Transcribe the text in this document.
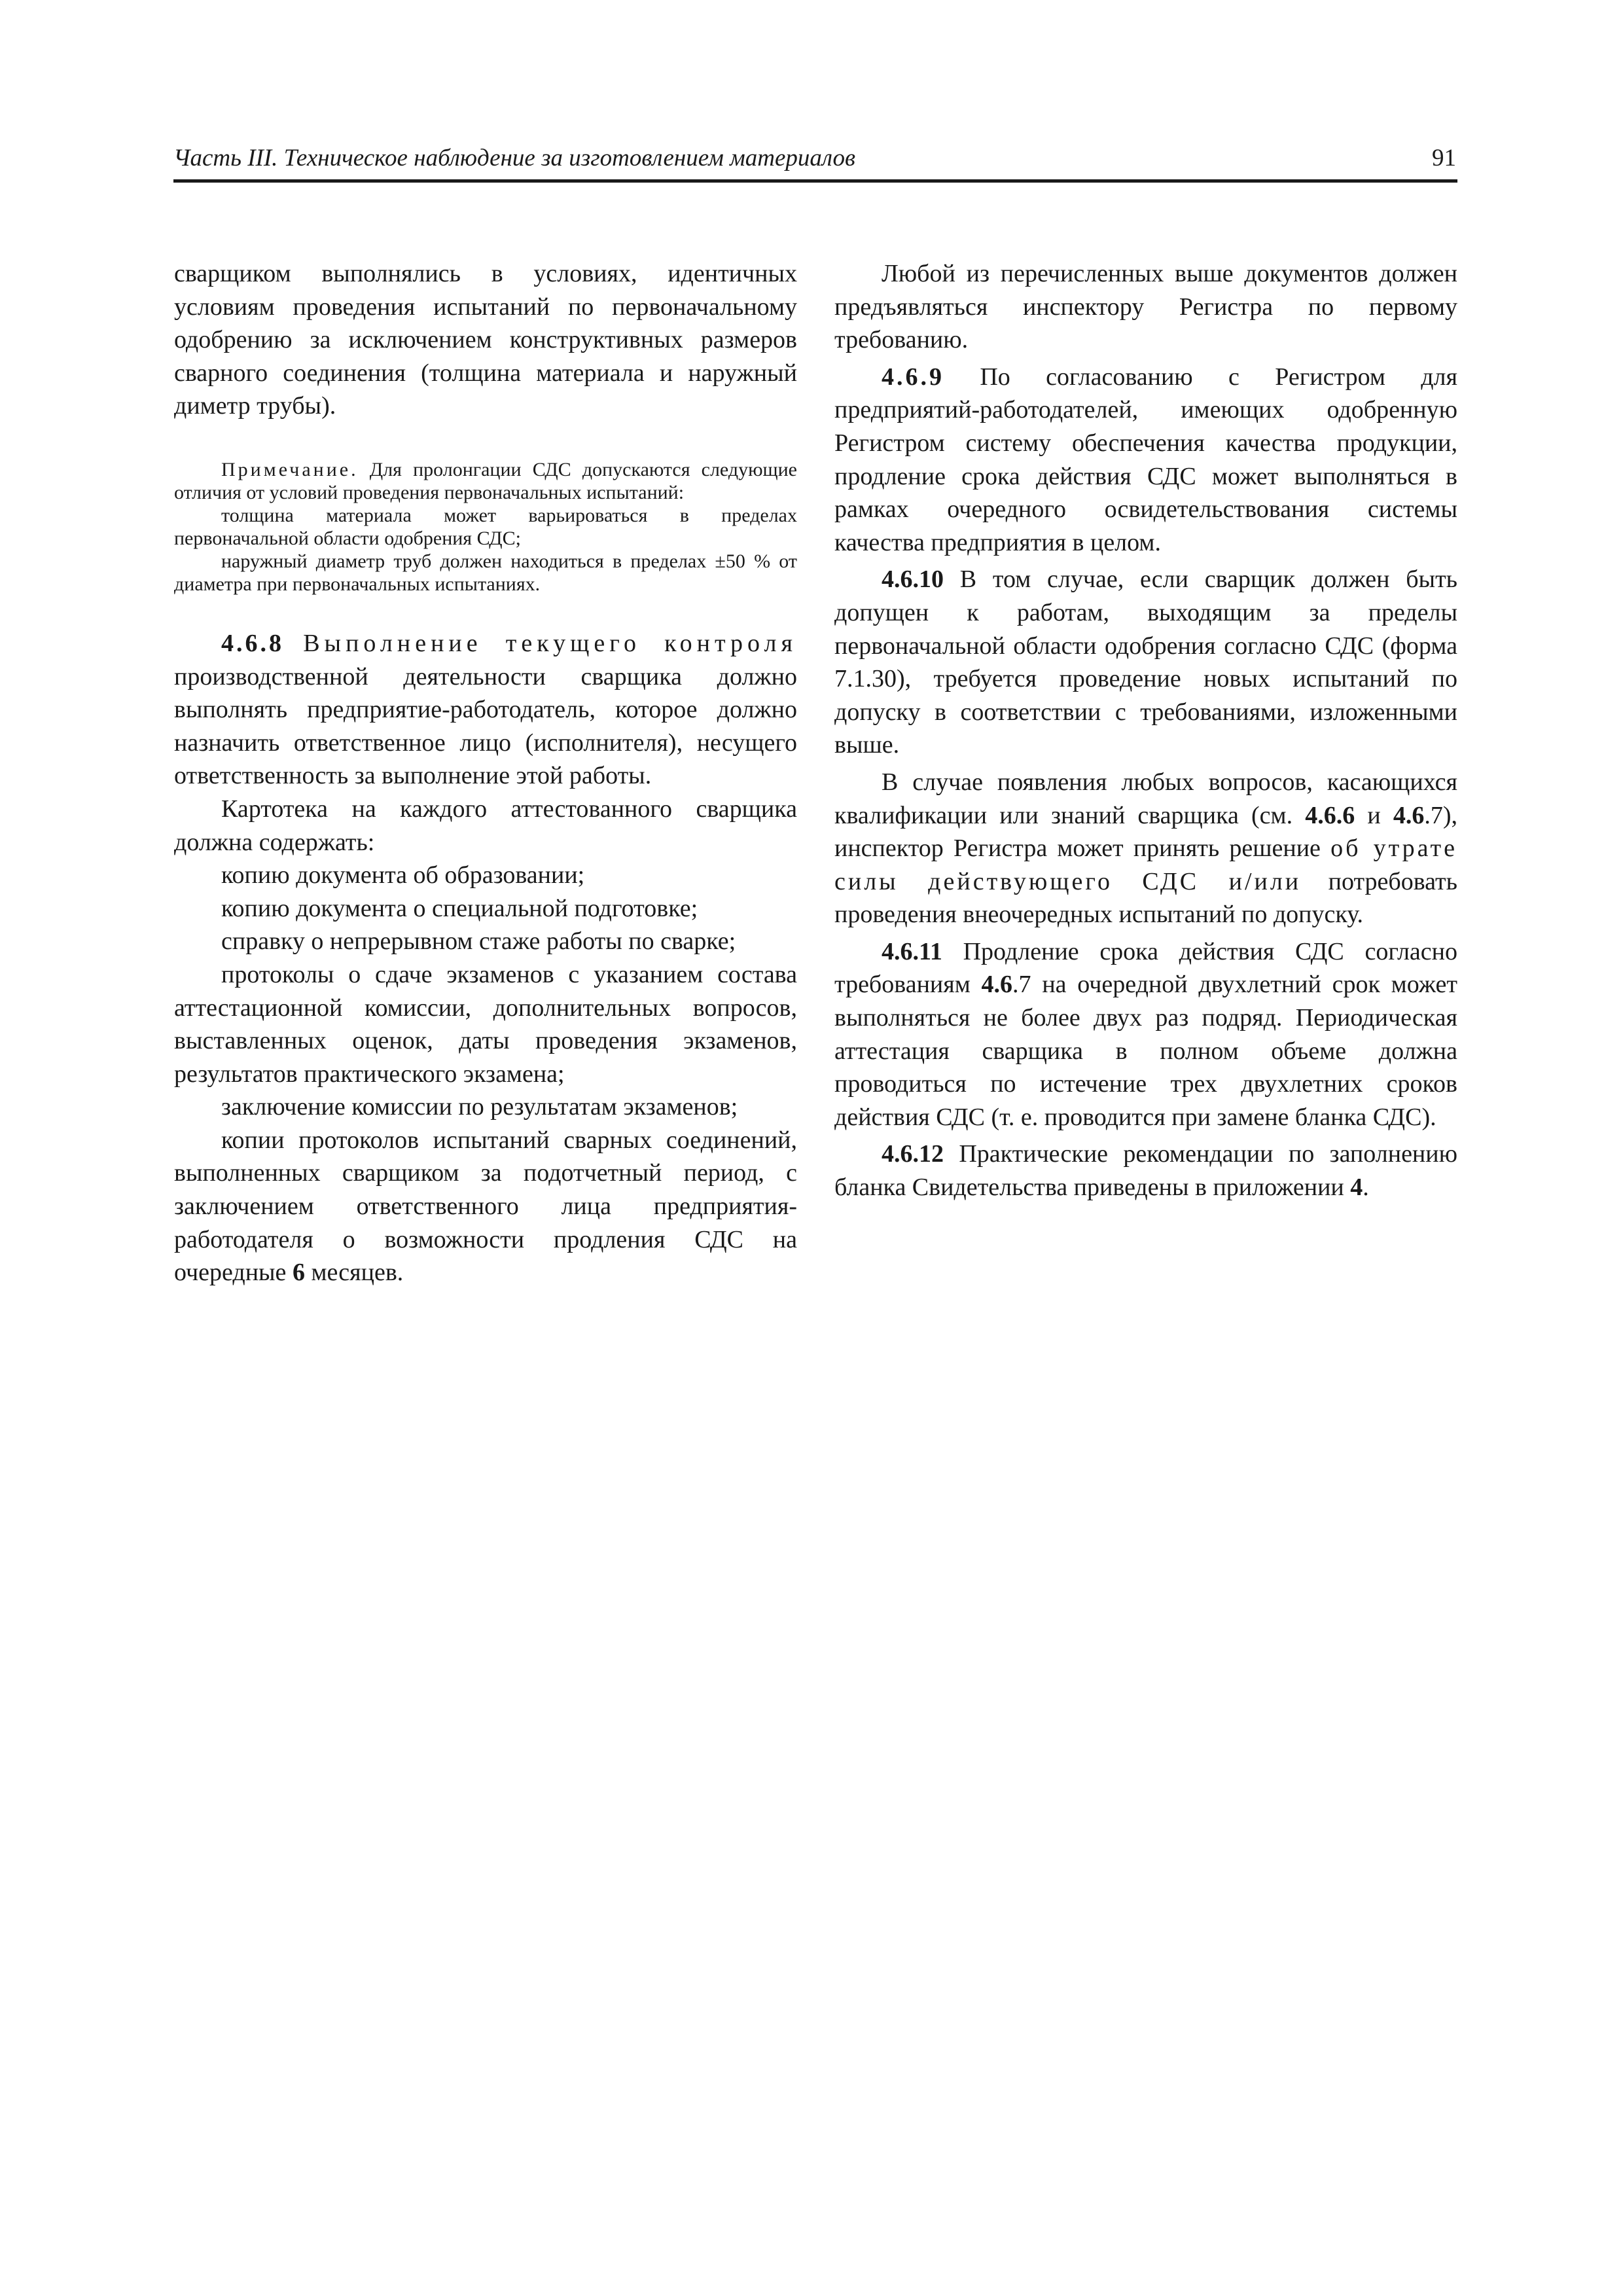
Часть III. Техническое наблюдение за изготовлением материалов	91

сварщиком выполнялись в условиях, идентичных условиям проведения испытаний по первоначальному одобрению за исключением конструктивных размеров сварного соединения (толщина материала и наружный диметр трубы).

Примечание. Для пролонгации СДС допускаются следующие отличия от условий проведения первоначальных испытаний:

толщина материала может варьироваться в пределах первоначальной области одобрения СДС;

наружный диаметр труб должен находиться в пределах ±50 % от диаметра при первоначальных испытаниях.

4.6.8 Выполнение текущего контроля производственной деятельности сварщика должно выполнять предприятие-работодатель, которое должно назначить ответственное лицо (исполнителя), несущего ответственность за выполнение этой работы.

Картотека на каждого аттестованного сварщика должна содержать:

копию документа об образовании;

копию документа о специальной подготовке;

справку о непрерывном стаже работы по сварке;

протоколы о сдаче экзаменов с указанием состава аттестационной комиссии, дополнительных вопросов, выставленных оценок, даты проведения экзаменов, результатов практического экзамена;

заключение комиссии по результатам экзаменов;

копии протоколов испытаний сварных соединений, выполненных сварщиком за подотчетный период, с заключением ответственного лица предприятия-работодателя о возможности продления СДС на очередные 6 месяцев.

Любой из перечисленных выше документов должен предъявляться инспектору Регистра по первому требованию.

4.6.9 По согласованию с Регистром для предприятий-работодателей, имеющих одобренную Регистром систему обеспечения качества продукции, продление срока действия СДС может выполняться в рамках очередного освидетельствования системы качества предприятия в целом.

4.6.10 В том случае, если сварщик должен быть допущен к работам, выходящим за пределы первоначальной области одобрения согласно СДС (форма 7.1.30), требуется проведение новых испытаний по допуску в соответствии с требованиями, изложенными выше.

В случае появления любых вопросов, касающихся квалификации или знаний сварщика (см. 4.6.6 и 4.6.7), инспектор Регистра может принять решение об утрате силы действующего СДС и/или потребовать проведения внеочередных испытаний по допуску.

4.6.11 Продление срока действия СДС согласно требованиям 4.6.7 на очередной двухлетний срок может выполняться не более двух раз подряд. Периодическая аттестация сварщика в полном объеме должна проводиться по истечение трех двухлетних сроков действия СДС (т. е. проводится при замене бланка СДС).

4.6.12 Практические рекомендации по заполнению бланка Свидетельства приведены в приложении 4.
